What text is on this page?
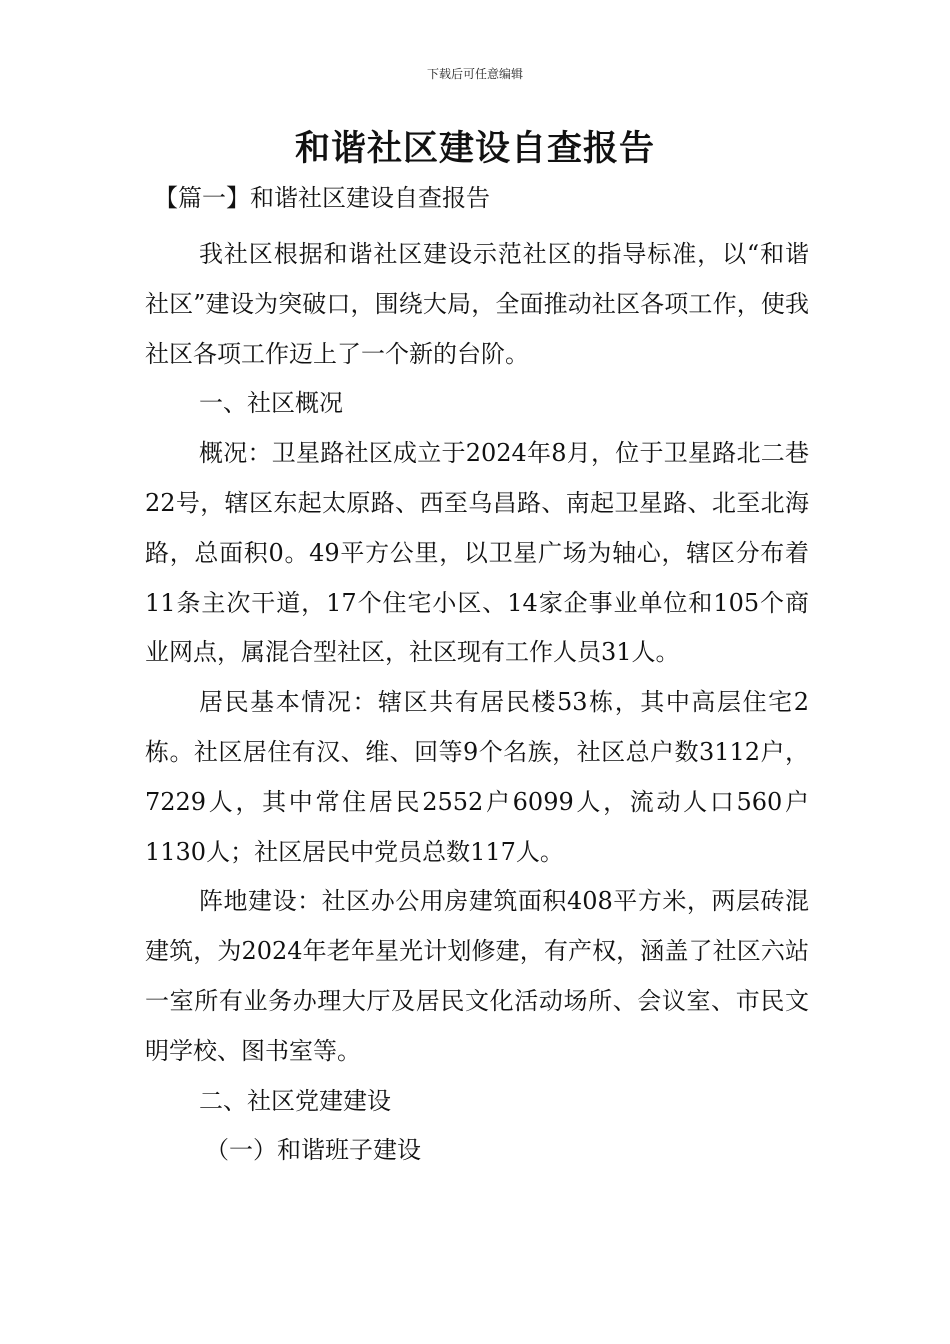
下载后可任意编辑
和谐社区建设自查报告
【篇一】和谐社区建设自查报告

我社区根据和谐社区建设示范社区的指导标准，以“和谐社区”建设为突破口，围绕大局，全面推动社区各项工作，使我社区各项工作迈上了一个新的台阶。

一、社区概况

概况：卫星路社区成立于2024年8月，位于卫星路北二巷22号，辖区东起太原路、西至乌昌路、南起卫星路、北至北海路，总面积0。49平方公里，以卫星广场为轴心，辖区分布着11条主次干道，17个住宅小区、14家企事业单位和105个商业网点，属混合型社区，社区现有工作人员31人。

居民基本情况：辖区共有居民楼53栋，其中高层住宅2栋。社区居住有汉、维、回等9个名族，社区总户数3112户，7229人，其中常住居民2552户6099人，流动人口560户1130人；社区居民中党员总数117人。

阵地建设：社区办公用房建筑面积408平方米，两层砖混建筑，为2024年老年星光计划修建，有产权，涵盖了社区六站一室所有业务办理大厅及居民文化活动场所、会议室、市民文明学校、图书室等。

二、社区党建建设

（一）和谐班子建设
